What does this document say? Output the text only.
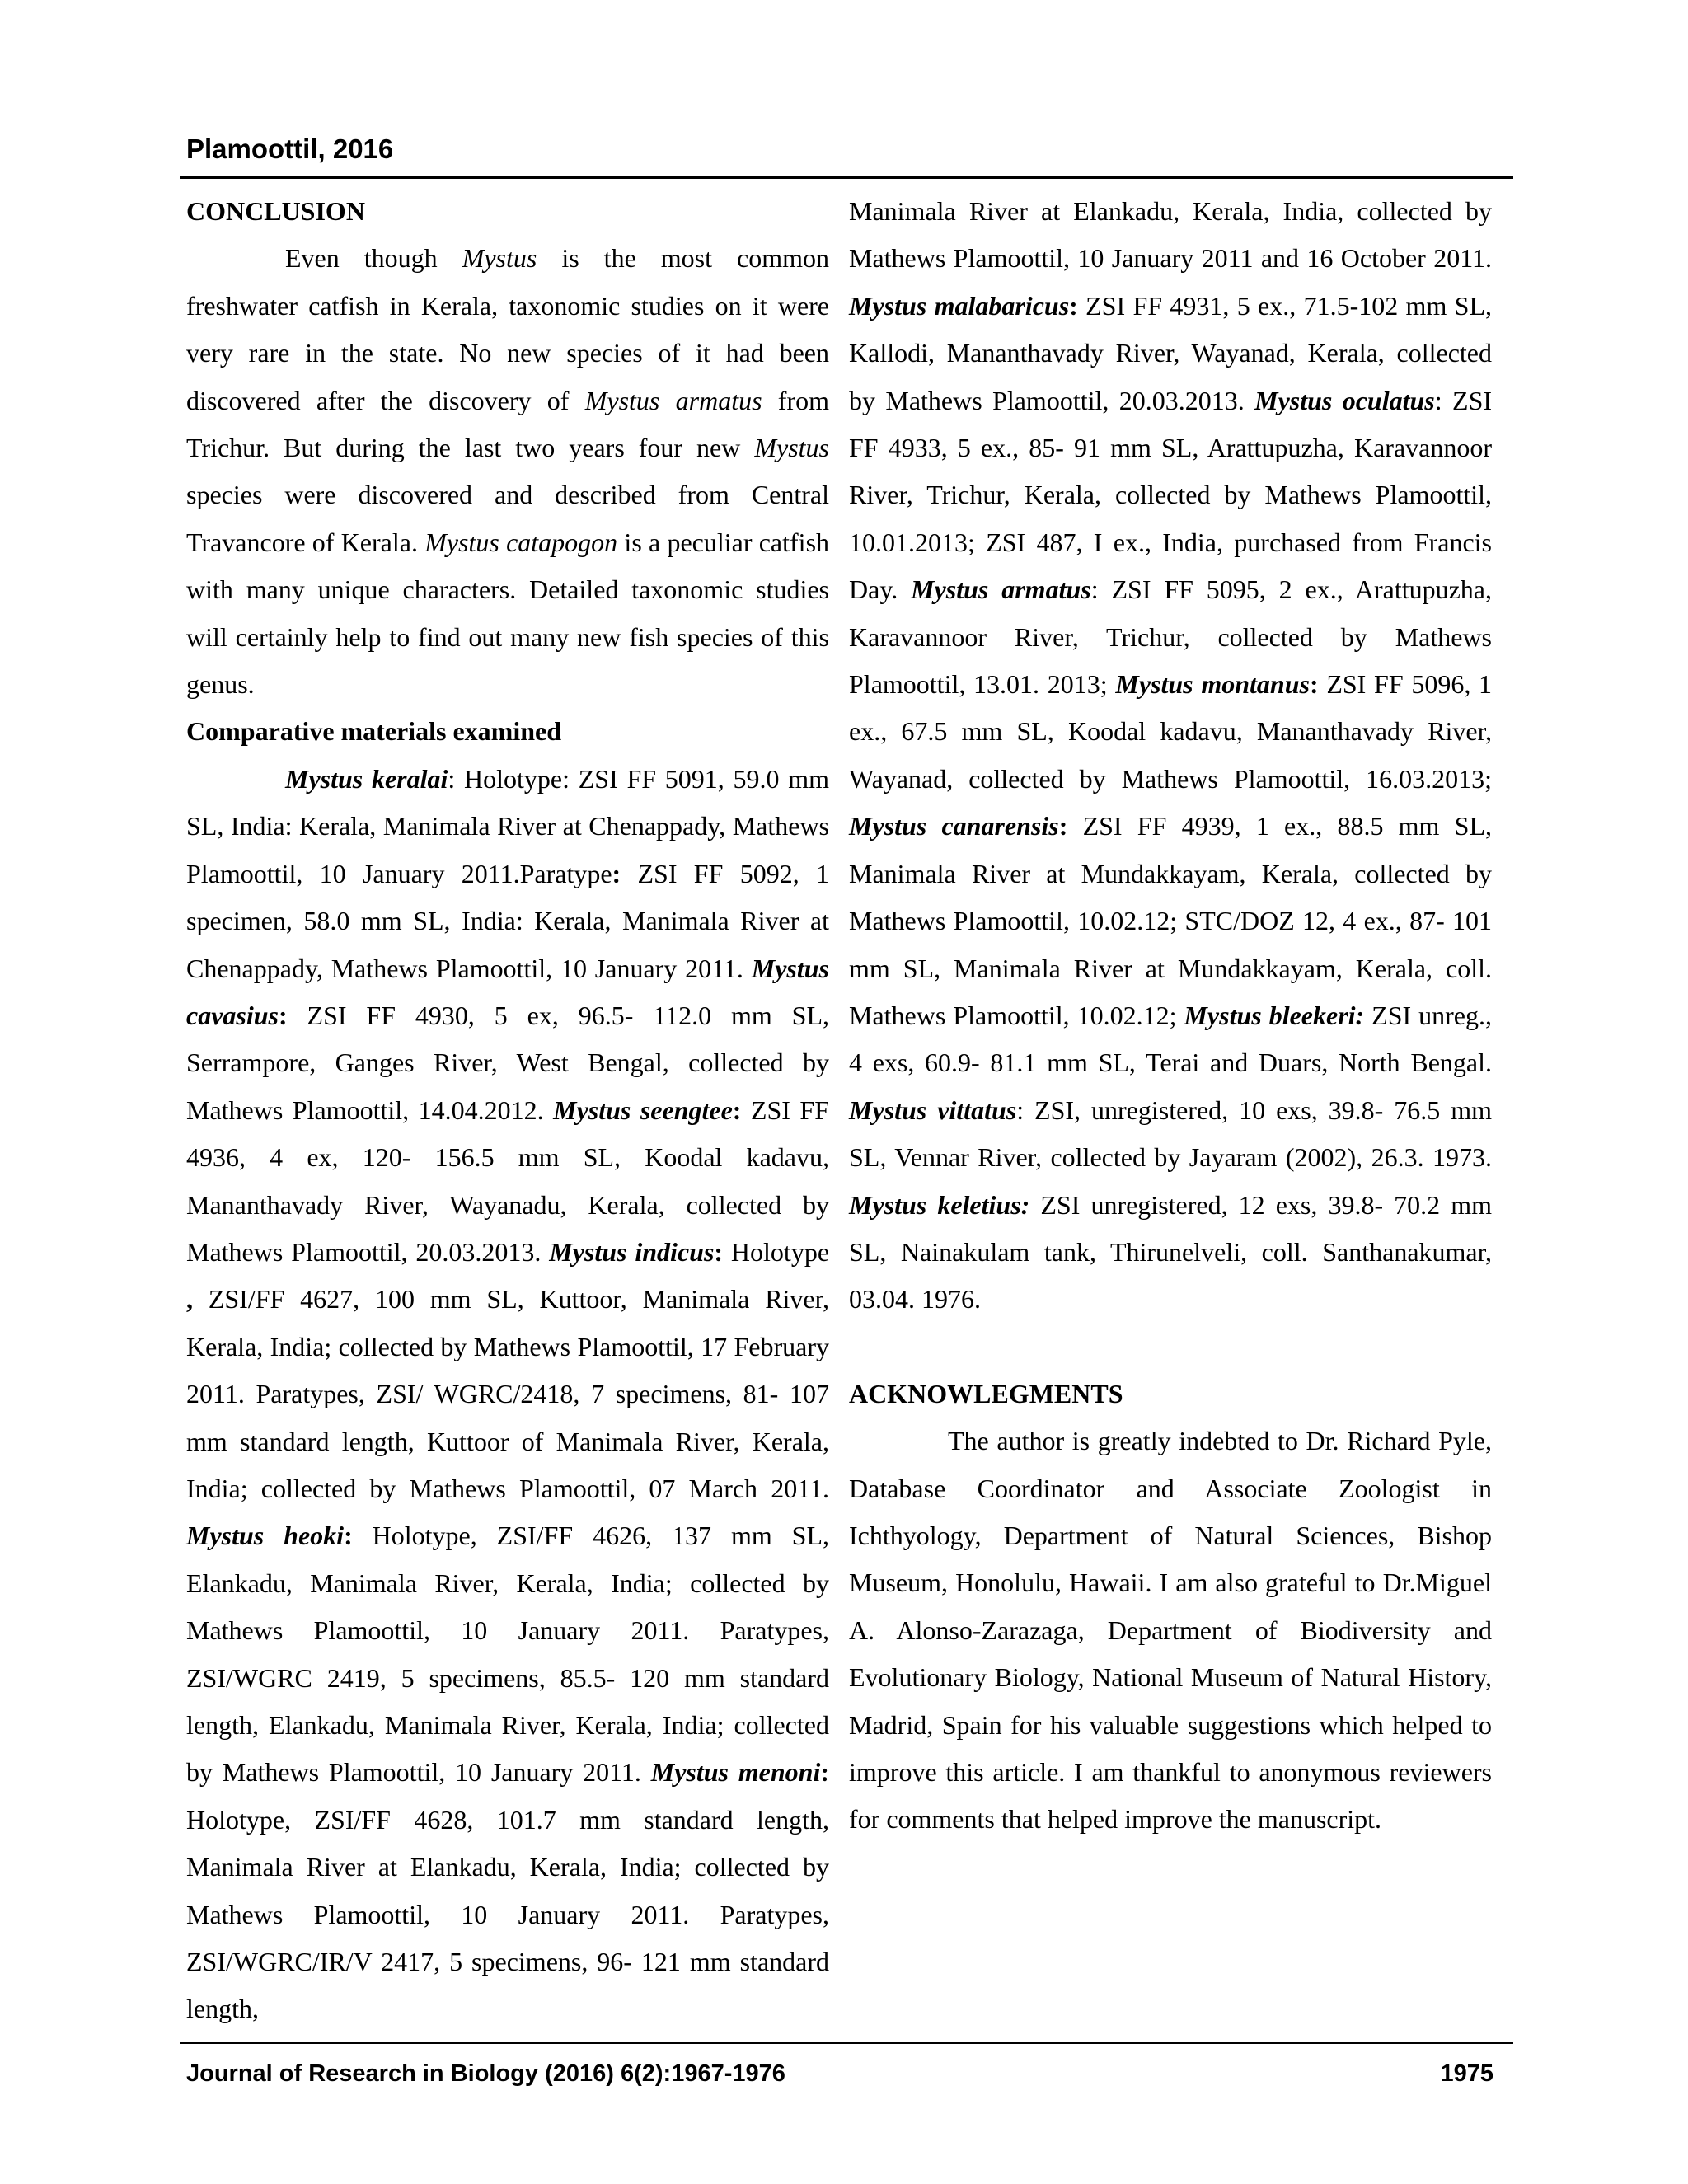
Plamoottil, 2016

CONCLUSION

Even though Mystus is the most common freshwater catfish in Kerala, taxonomic studies on it were very rare in the state. No new species of it had been discovered after the discovery of Mystus armatus from Trichur. But during the last two years four new Mystus species were discovered and described from Central Travancore of Kerala. Mystus catapogon is a peculiar catfish with many unique characters. Detailed taxonomic studies will certainly help to find out many new fish species of this genus.

Comparative materials examined

Mystus keralai: Holotype: ZSI FF 5091, 59.0 mm SL, India: Kerala, Manimala River at Chenappady, Mathews Plamoottil, 10 January 2011.Paratype: ZSI FF 5092, 1 specimen, 58.0 mm SL, India: Kerala, Manimala River at Chenappady, Mathews Plamoottil, 10 January 2011. Mystus cavasius: ZSI FF 4930, 5 ex, 96.5- 112.0 mm SL, Serrampore, Ganges River, West Bengal, collected by Mathews Plamoottil, 14.04.2012. Mystus seengtee: ZSI FF 4936, 4 ex, 120- 156.5 mm SL, Koodal kadavu, Mananthavady River, Wayanadu, Kerala, collected by Mathews Plamoottil, 20.03.2013. Mystus indicus: Holotype , ZSI/FF 4627, 100 mm SL, Kuttoor, Manimala River, Kerala, India; collected by Mathews Plamoottil, 17 February 2011. Paratypes, ZSI/ WGRC/2418, 7 specimens, 81- 107 mm standard length, Kuttoor of Manimala River, Kerala, India; collected by Mathews Plamoottil, 07 March 2011. Mystus heoki: Holotype, ZSI/FF 4626, 137 mm SL, Elankadu, Manimala River, Kerala, India; collected by Mathews Plamoottil, 10 January 2011. Paratypes, ZSI/WGRC 2419, 5 specimens, 85.5- 120 mm standard length, Elankadu, Manimala River, Kerala, India; collected by Mathews Plamoottil, 10 January 2011. Mystus menoni: Holotype, ZSI/FF 4628, 101.7 mm standard length, Manimala River at Elankadu, Kerala, India; collected by Mathews Plamoottil, 10 January 2011. Paratypes, ZSI/WGRC/IR/V 2417, 5 specimens, 96- 121 mm standard length,

Manimala River at Elankadu, Kerala, India, collected by Mathews Plamoottil, 10 January 2011 and 16 October 2011. Mystus malabaricus: ZSI FF 4931, 5 ex., 71.5-102 mm SL, Kallodi, Mananthavady River, Wayanad, Kerala, collected by Mathews Plamoottil, 20.03.2013. Mystus oculatus: ZSI FF 4933, 5 ex., 85- 91 mm SL, Arattupuzha, Karavannoor River, Trichur, Kerala, collected by Mathews Plamoottil, 10.01.2013; ZSI 487, I ex., India, purchased from Francis Day. Mystus armatus: ZSI FF 5095, 2 ex., Arattupuzha, Karavannoor River, Trichur, collected by Mathews Plamoottil, 13.01. 2013; Mystus montanus: ZSI FF 5096, 1 ex., 67.5 mm SL, Koodal kadavu, Mananthavady River, Wayanad, collected by Mathews Plamoottil, 16.03.2013; Mystus canarensis: ZSI FF 4939, 1 ex., 88.5 mm SL, Manimala River at Mundakkayam, Kerala, collected by Mathews Plamoottil, 10.02.12; STC/DOZ 12, 4 ex., 87- 101 mm SL, Manimala River at Mundakkayam, Kerala, coll. Mathews Plamoottil, 10.02.12; Mystus bleekeri: ZSI unreg., 4 exs, 60.9- 81.1 mm SL, Terai and Duars, North Bengal. Mystus vittatus: ZSI, unregistered, 10 exs, 39.8- 76.5 mm SL, Vennar River, collected by Jayaram (2002), 26.3. 1973. Mystus keletius: ZSI unregistered, 12 exs, 39.8- 70.2 mm SL, Nainakulam tank, Thirunelveli, coll. Santhanakumar, 03.04. 1976.

ACKNOWLEGMENTS

The author is greatly indebted to Dr. Richard Pyle, Database Coordinator and Associate Zoologist in Ichthyology, Department of Natural Sciences, Bishop Museum, Honolulu, Hawaii. I am also grateful to Dr.Miguel A. Alonso-Zarazaga, Department of Biodiversity and Evolutionary Biology, National Museum of Natural History, Madrid, Spain for his valuable suggestions which helped to improve this article. I am thankful to anonymous reviewers for comments that helped improve the manuscript.

Journal of Research in Biology (2016) 6(2):1967-1976	1975
